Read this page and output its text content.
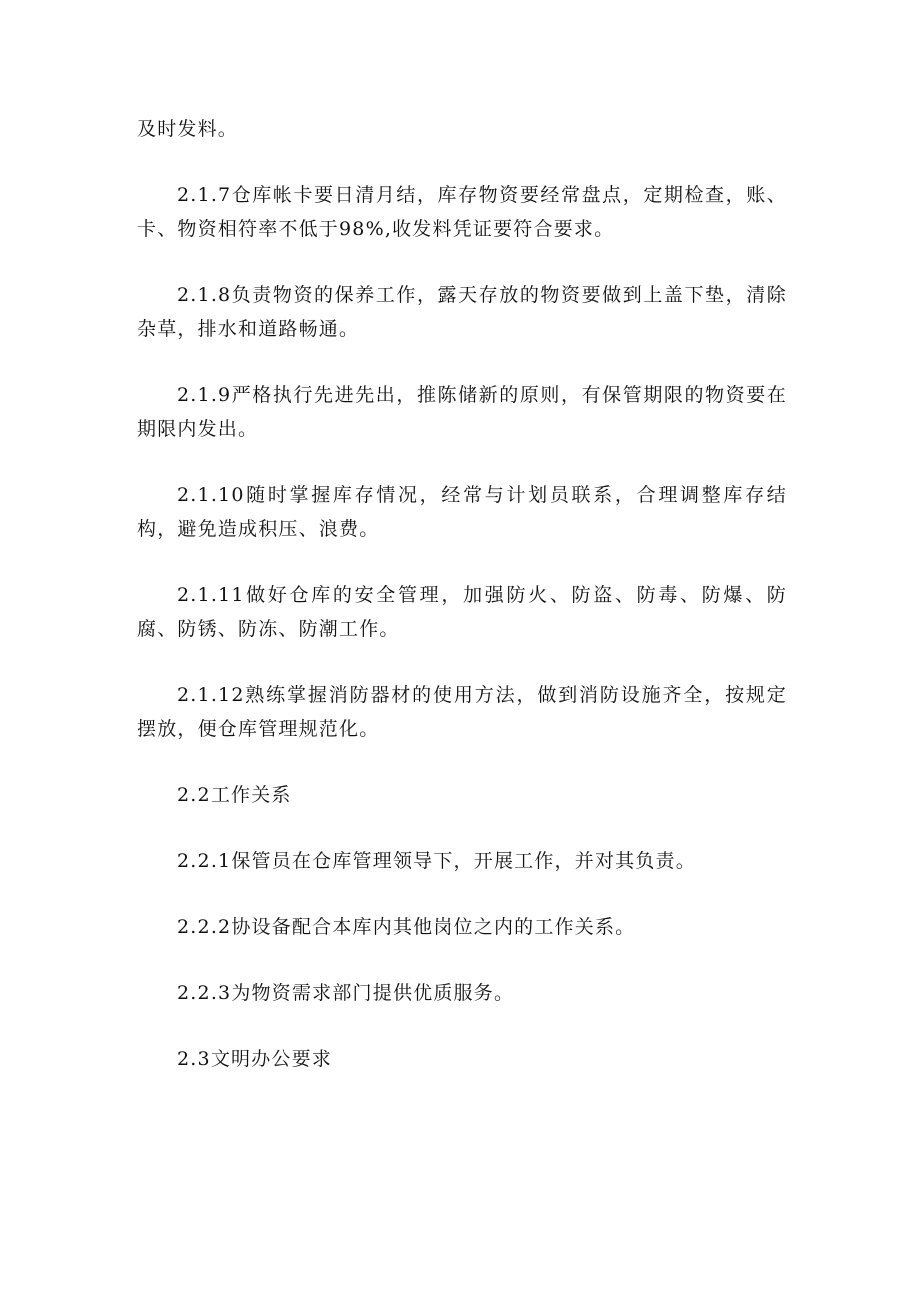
及时发料。

2.1.7仓库帐卡要日清月结，库存物资要经常盘点，定期检查，账、卡、物资相符率不低于98%,收发料凭证要符合要求。

2.1.8负责物资的保养工作，露天存放的物资要做到上盖下垫，清除杂草，排水和道路畅通。

2.1.9严格执行先进先出，推陈储新的原则，有保管期限的物资要在期限内发出。

2.1.10随时掌握库存情况，经常与计划员联系，合理调整库存结构，避免造成积压、浪费。

2.1.11做好仓库的安全管理，加强防火、防盗、防毒、防爆、防腐、防锈、防冻、防潮工作。

2.1.12熟练掌握消防器材的使用方法，做到消防设施齐全，按规定摆放，便仓库管理规范化。

2.2工作关系

2.2.1保管员在仓库管理领导下，开展工作，并对其负责。

2.2.2协设备配合本库内其他岗位之内的工作关系。

2.2.3为物资需求部门提供优质服务。

2.3文明办公要求
